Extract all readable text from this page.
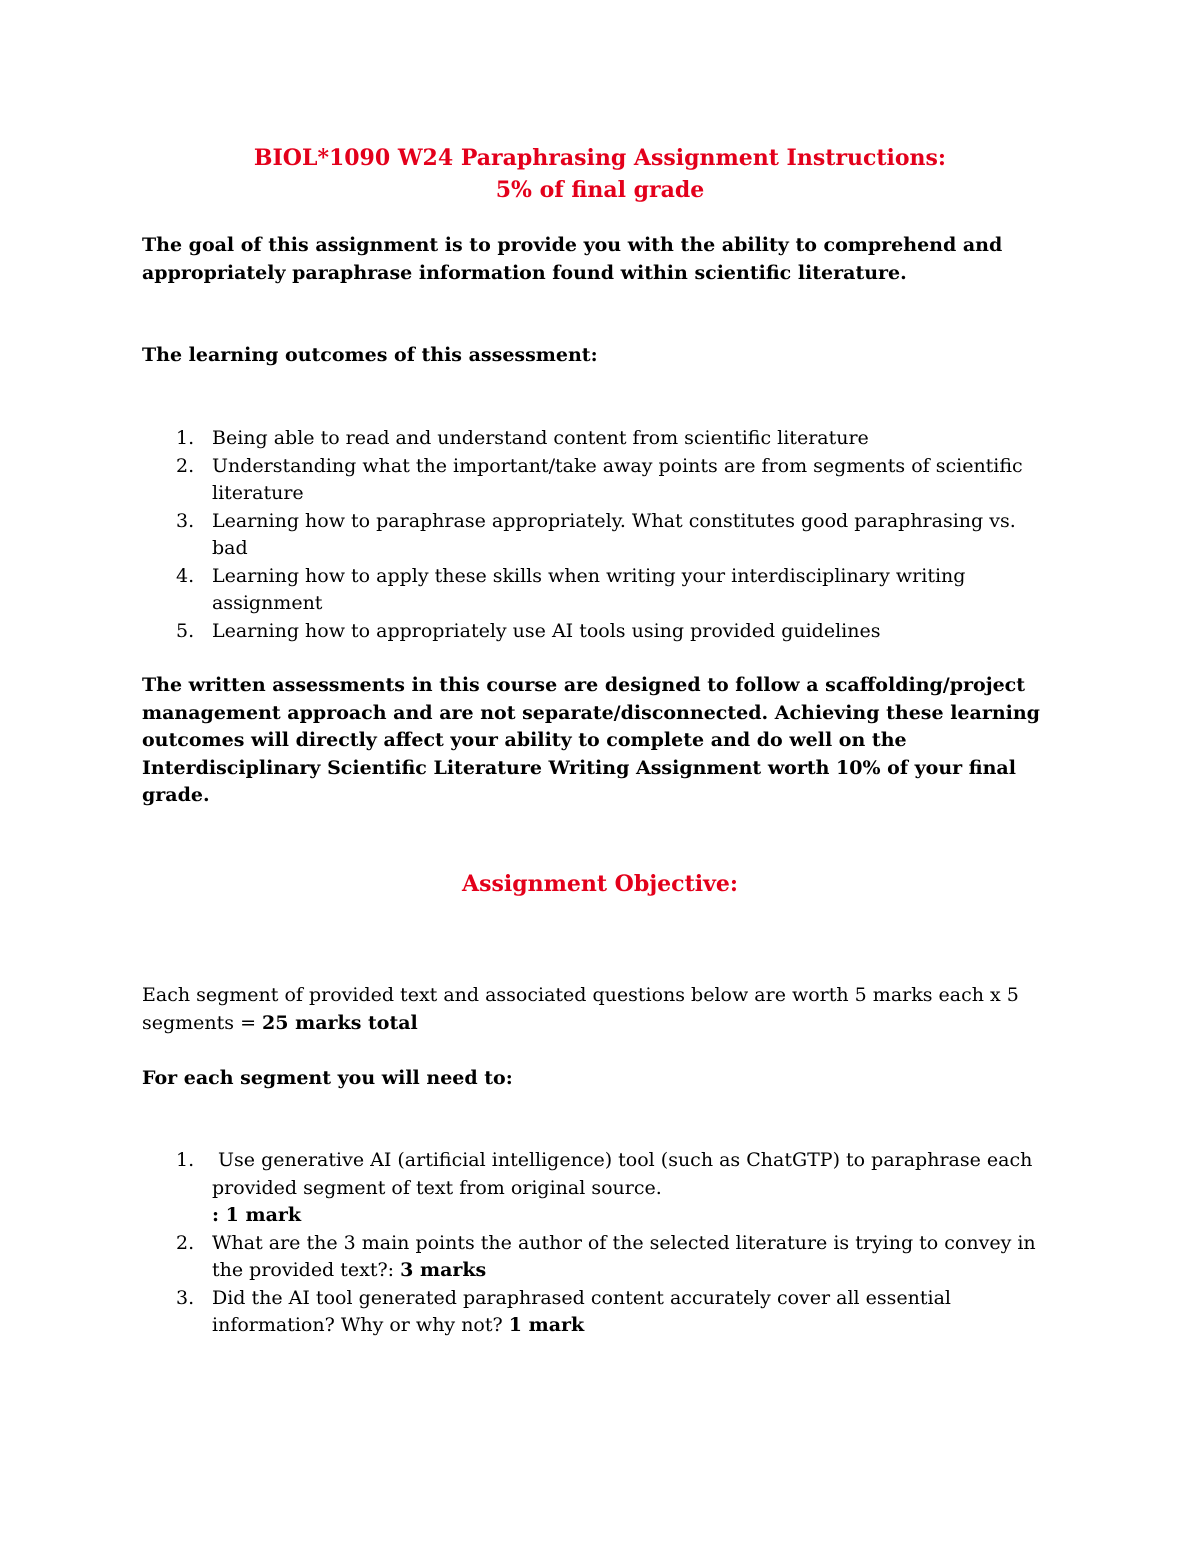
BIOL*1090 W24 Paraphrasing Assignment Instructions:
5% of final grade
The goal of this assignment is to provide you with the ability to comprehend and
appropriately paraphrase information found within scientific literature.
The learning outcomes of this assessment:
1. Being able to read and understand content from scientific literature
2. Understanding what the important/take away points are from segments of scientific
literature
3. Learning how to paraphrase appropriately. What constitutes good paraphrasing vs.
bad
4. Learning how to apply these skills when writing your interdisciplinary writing
assignment
5. Learning how to appropriately use AI tools using provided guidelines
The written assessments in this course are designed to follow a scaffolding/project
management approach and are not separate/disconnected. Achieving these learning
outcomes will directly affect your ability to complete and do well on the
Interdisciplinary Scientific Literature Writing Assignment worth 10% of your final
grade.
Assignment Objective:
Each segment of provided text and associated questions below are worth 5 marks each x 5
segments = 25 marks total
For each segment you will need to:
1. Use generative AI (artificial intelligence) tool (such as ChatGTP) to paraphrase each
provided segment of text from original source.
: 1 mark
2. What are the 3 main points the author of the selected literature is trying to convey in
the provided text?: 3 marks
3. Did the AI tool generated paraphrased content accurately cover all essential
information? Why or why not? 1 mark
